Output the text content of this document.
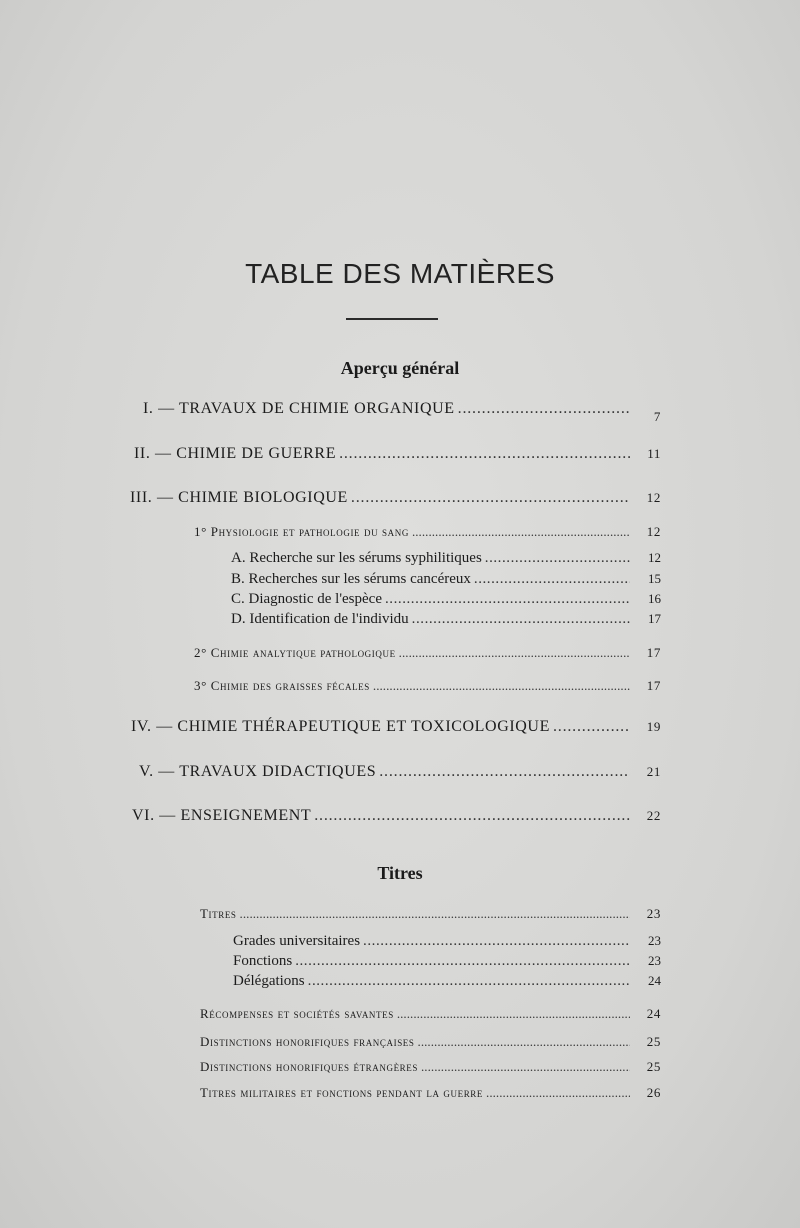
TABLE DES MATIÈRES
Aperçu général
I. — TRAVAUX DE CHIMIE ORGANIQUE . . .	7
II. — CHIMIE DE GUERRE . . .	11
III. — CHIMIE BIOLOGIQUE . . .	12
1° Physiologie et pathologie du sang . . .	12
A. Recherche sur les sérums syphilitiques . . .	12
B. Recherches sur les sérums cancéreux . . .	15
C. Diagnostic de l'espèce . . .	16
D. Identification de l'individu . . .	17
2° Chimie analytique pathologique . . .	17
3° Chimie des graisses fécales . . .	17
IV. — CHIMIE THÉRAPEUTIQUE ET TOXICOLOGIQUE . . .	19
V. — TRAVAUX DIDACTIQUES . . .	21
VI. — ENSEIGNEMENT . . .	22
Titres
Titres . . .	23
Grades universitaires . . .	23
Fonctions . . .	23
Délégations . . .	24
Récompenses et sociétés savantes . . .	24
Distinctions honorifiques françaises . . .	25
Distinctions honorifiques étrangères . . .	25
Titres militaires et fonctions pendant la guerre . . .	26
